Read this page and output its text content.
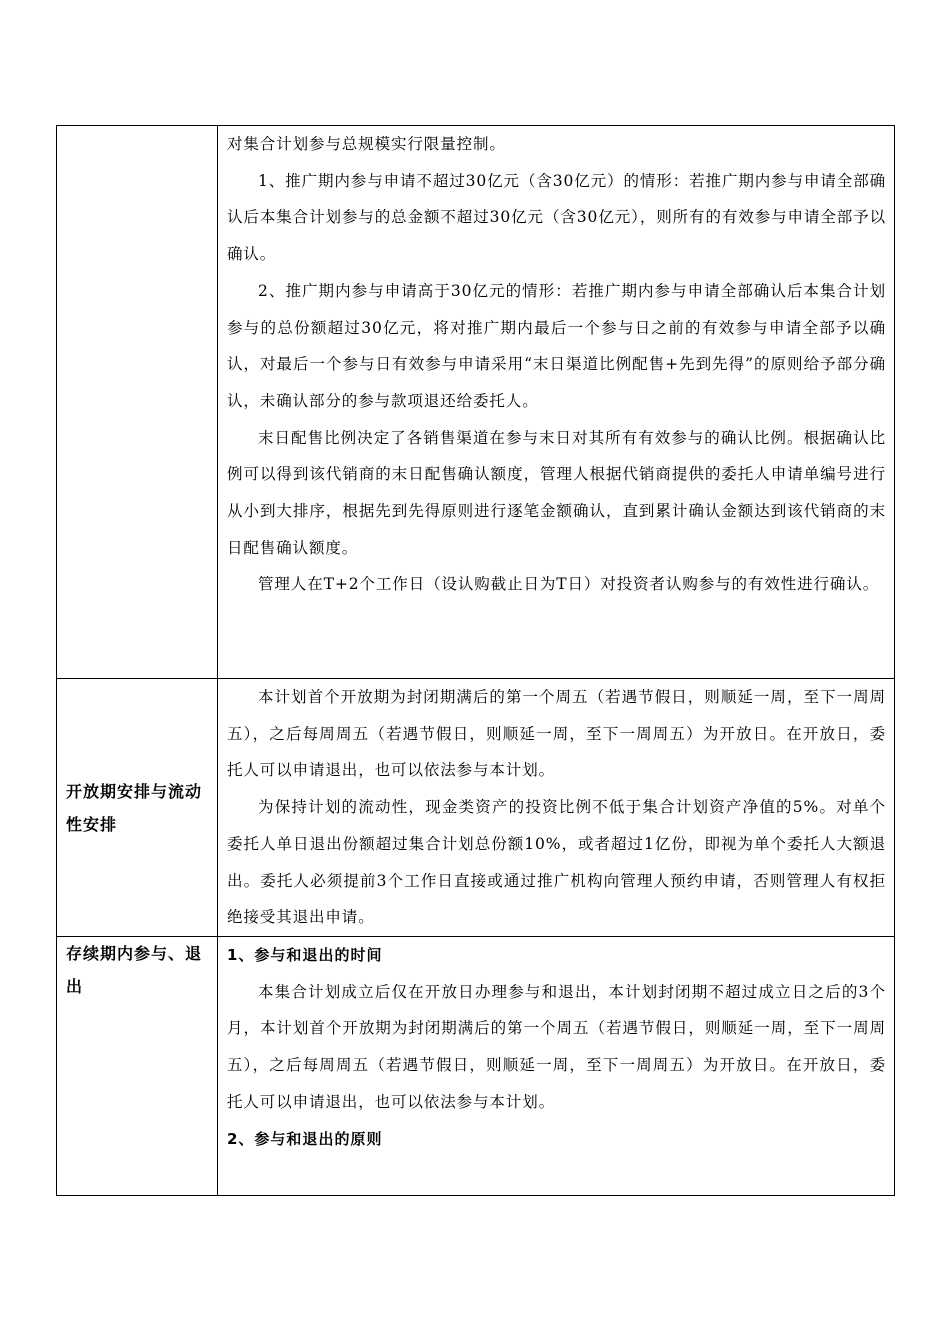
	对集合计划参与总规模实行限量控制。

1、推广期内参与申请不超过30亿元（含30亿元）的情形：若推广期内参与申请全部确认后本集合计划参与的总金额不超过30亿元（含30亿元），则所有的有效参与申请全部予以确认。

2、推广期内参与申请高于30亿元的情形：若推广期内参与申请全部确认后本集合计划参与的总份额超过30亿元，将对推广期内最后一个参与日之前的有效参与申请全部予以确认，对最后一个参与日有效参与申请采用“末日渠道比例配售+先到先得”的原则给予部分确认，未确认部分的参与款项退还给委托人。

末日配售比例决定了各销售渠道在参与末日对其所有有效参与的确认比例。根据确认比例可以得到该代销商的末日配售确认额度，管理人根据代销商提供的委托人申请单编号进行从小到大排序，根据先到先得原则进行逐笔金额确认，直到累计确认金额达到该代销商的末日配售确认额度。

管理人在T+2个工作日（设认购截止日为T日）对投资者认购参与的有效性进行确认。

开放期安排与流动性安排	本计划首个开放期为封闭期满后的第一个周五（若遇节假日，则顺延一周，至下一周周五），之后每周周五（若遇节假日，则顺延一周，至下一周周五）为开放日。在开放日，委托人可以申请退出，也可以依法参与本计划。

为保持计划的流动性，现金类资产的投资比例不低于集合计划资产净值的5%。对单个委托人单日退出份额超过集合计划总份额10%，或者超过1亿份，即视为单个委托人大额退出。委托人必须提前3个工作日直接或通过推广机构向管理人预约申请，否则管理人有权拒绝接受其退出申请。

存续期内参与、退出	1、参与和退出的时间

本集合计划成立后仅在开放日办理参与和退出，本计划封闭期不超过成立日之后的3个月，本计划首个开放期为封闭期满后的第一个周五（若遇节假日，则顺延一周，至下一周周五），之后每周周五（若遇节假日，则顺延一周，至下一周周五）为开放日。在开放日，委托人可以申请退出，也可以依法参与本计划。

2、参与和退出的原则
